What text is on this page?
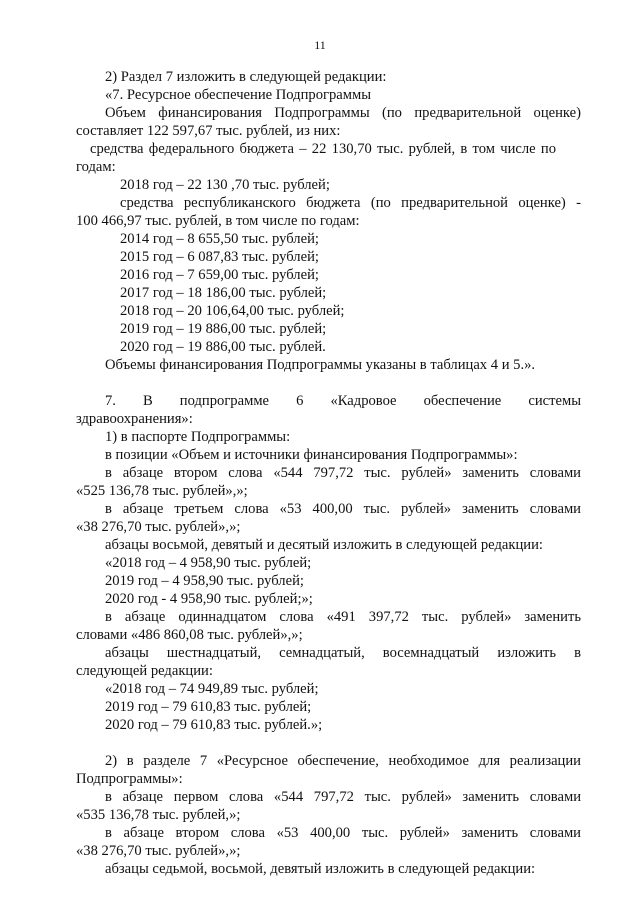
11
2) Раздел 7 изложить в следующей редакции:
«7. Ресурсное обеспечение Подпрограммы
Объем финансирования Подпрограммы (по предварительной оценке)
составляет 122 597,67 тыс. рублей, из них:
средства федерального бюджета – 22 130,70 тыс. рублей, в том числе по
годам:
2018 год – 22 130 ,70 тыс. рублей;
средства республиканского бюджета (по предварительной оценке) -
100 466,97 тыс. рублей, в том числе по годам:
2014 год – 8 655,50 тыс. рублей;
2015 год – 6 087,83 тыс. рублей;
2016 год – 7 659,00 тыс. рублей;
2017 год – 18 186,00 тыс. рублей;
2018 год – 20 106,64,00 тыс. рублей;
2019 год – 19 886,00 тыс. рублей;
2020 год – 19 886,00 тыс. рублей.
Объемы финансирования Подпрограммы указаны в таблицах 4 и 5.».
7. В подпрограмме 6 «Кадровое обеспечение системы
здравоохранения»:
1) в паспорте Подпрограммы:
в позиции «Объем и источники финансирования Подпрограммы»:
в абзаце втором слова «544 797,72 тыс. рублей» заменить словами
«525 136,78 тыс. рублей»,»;
в абзаце третьем слова «53 400,00 тыс. рублей» заменить словами
«38 276,70 тыс. рублей»,»;
абзацы восьмой, девятый и десятый изложить в следующей редакции:
«2018 год – 4 958,90 тыс. рублей;
2019 год – 4 958,90 тыс. рублей;
2020 год - 4 958,90 тыс. рублей;»;
в абзаце одиннадцатом слова «491 397,72 тыс. рублей» заменить
словами «486 860,08 тыс. рублей»,»;
абзацы шестнадцатый, семнадцатый, восемнадцатый изложить в
следующей редакции:
«2018 год – 74 949,89 тыс. рублей;
2019 год – 79 610,83 тыс. рублей;
2020 год – 79 610,83 тыс. рублей.»;
2) в разделе 7 «Ресурсное обеспечение, необходимое для реализации
Подпрограммы»:
в абзаце первом слова «544 797,72 тыс. рублей» заменить словами
«535 136,78 тыс. рублей,»;
в абзаце втором слова «53 400,00 тыс. рублей» заменить словами
«38 276,70 тыс. рублей»,»;
абзацы седьмой, восьмой, девятый изложить в следующей редакции:
